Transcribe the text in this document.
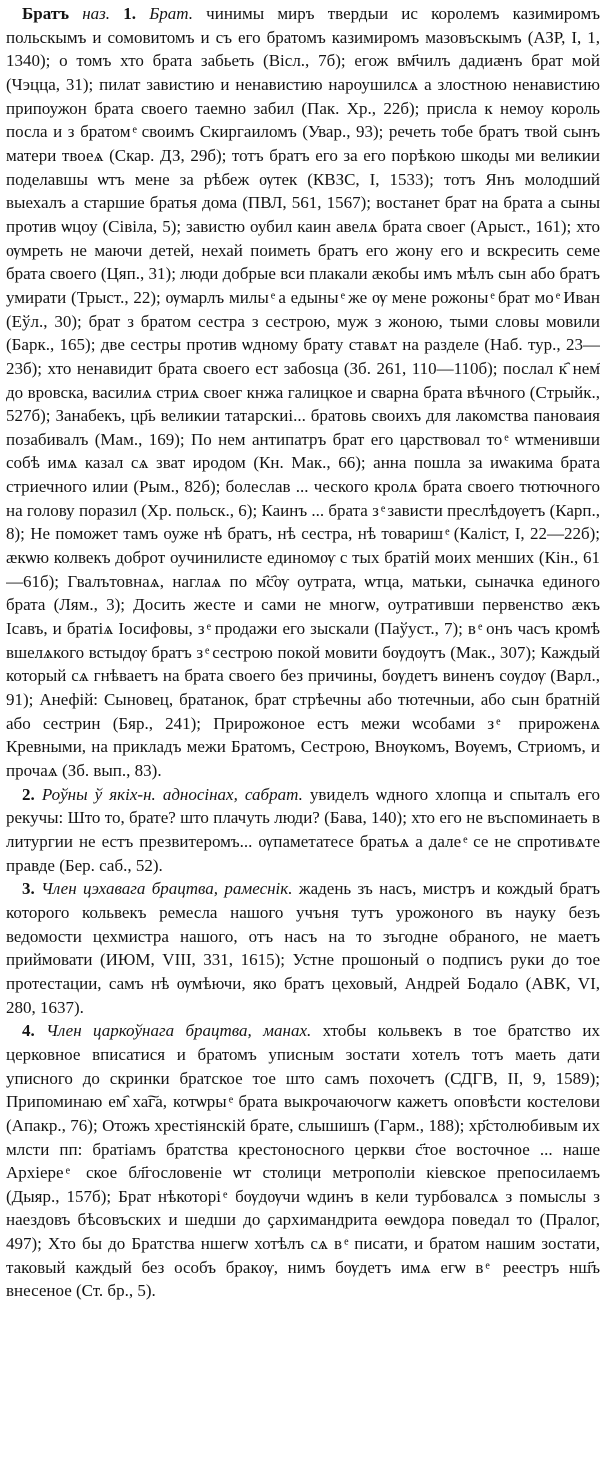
Братъ наз. 1. Брат. чинимы миръ твердыи ис королемъ казимиромъ польскымъ и сомовитомъ и съ его братомъ казимиромъ мазовъскымъ (АЗР, I, 1, 1340); о томъ хто брата забьеть (Вісл., 7б); егож вм҃чилъ дадиӕнъ брат мой (Чэцца, 31); пилат завистию и ненавистию нароушилсѧ а злостною ненавистию припоужон брата своего таемно забил (Пак. Хр., 22б); присла к немоу король посла и з братом ͤ своимъ Скиргаиломъ (Увар., 93); речеть тобе братъ твой сынъ матери твоеѧ (Скар. ДЗ, 29б); тотъ братъ его за его порѣкою шкоды ми великии поделавшы ѡтъ мене за рѣбеж ѹтек (КВЗС, I, 1533); тотъ Янъ молодший выехалъ а старшие братья дома (ПВЛ, 561, 1567); востанет брат на брата а сыны против ѡцоу (Сівіла, 5); завистю оубил каин авелѧ брата своег (Арыст., 161); хто ѹмреть не маючи детей, нехай поиметь братъ его жону его и вскресить семе брата своего (Цяп., 31); люди добрые вси плакали ӕкобы имъ мѣлъ сын або братъ умирати (Трыст., 22); ѹмарлъ милы ͤ а едыны ͤ же ѹ мене рожоны ͤ брат мо ͤ Иван (Еўл., 30); брат з братом сестра з сестрою, муж з жоною, тыми словы мовили (Барк., 165); две сестры против ѡдному брату ставѧт на разделе (Наб. тур., 23—23б); хто ненавидит брата своего ест забоѕца (Зб. 261, 110—110б); послал к҄ нем҄ до вровска, василиѧ стриѧ своег кнжа галицкое и сварна брата вѣчного (Стрыйк., 527б); Занабекъ, цр҃ь великии татарскиі... братовь своихъ для лакомства пановаия позабивалъ (Мам., 169); По нем антипатръ брат его царствовал то ͤ ѡтменивши собѣ имѧ казал сѧ зват иродом (Кн. Мак., 66); анна пошла за иѡакима брата стриечного илии (Рым., 82б); болеслав ... ческого кролѧ брата своего тютючного на голову поразил (Хр. польск., 6); Каинъ ... брата з ͤ зависти преслѣдѹетъ (Карп., 8); Не поможет тамъ оуже нѣ братъ, нѣ сестра, нѣ товариш ͤ (Каліст, I, 22—22б); ӕкѡю колвекъ доброт оучинилисте единомѹ с тых братій моих менших (Кін., 61—61б); Гвалътовнаѧ, наглаѧ по м҄с҄ѹ оутрата, ѡтца, матьки, сыначка единого брата (Лям., 3); Досить жесте и сами не многѡ, оутративши первенство ӕкъ Ісавъ, и братіѧ Іосифовы, з ͤ продажи его зыскали (Паўуст., 7); в ͤ онъ часъ кромѣ вшелѧкого встыдѹ братъ з ͤ сестрою покой мовити бѹдѹтъ (Мак., 307); Каждый который сѧ гнѣваетъ на брата своего без причины, бѹдетъ виненъ сѹдѹ (Варл., 91); Анефій: Сыновец, братанок, брат стрѣечны або тютечныи, або сын братній або сестрин (Бяр., 241); Прирожоное естъ межи ѡсобами з ͤ прироженѧ Кревными, на прикладъ межи Братомъ, Сестрою, Внѹкомъ, Вѹемъ, Стриомъ, и прочаѧ (Зб. вып., 83).

2. Роўны ў якіх-н. адносінах, сабрат. увиделъ ѡдного хлопца и спыталъ его рекучы: Што то, брате? што плачуть люди? (Бава, 140); хто его не въспоминаеть в литургии не естъ презвитеромъ... ѹпаметатесе братьѧ а дале ͤ се не спротивѧте правде (Бер. саб., 52).

3. Член цэхавага брацтва, рамеснік. жадень зъ насъ, мистръ и кождый братъ которого кольвекъ ремесла нашого учъня тутъ урожоного въ науку безъ ведомости цехмистра нашого, отъ насъ на то зъгодне обраного, не маетъ приймовати (ИЮМ, VIII, 331, 1615); Устне прошоный о подписъ руки до тое протестации, самъ нѣ ѹмѣючи, яко братъ цеховый, Андрей Бодало (АВК, VI, 280, 1637).

4. Член царкоўнага брацтва, манах. хтобы кольвекъ в тое братство их церковное вписатися и братомъ уписным зостати хотелъ тотъ маеть дати уписного до скринки братское тое што самъ похочетъ (СДГВ, II, 9, 1589); Припоминаю ем҄ ха͠га, котѡры ͤ брата выкрочаючогѡ кажетъ оповѣсти костелови (Апакр., 76); Отожъ хрестіянскій брате, слышишъ (Гарм., 188); хр҃столюбивым их млсти пп: братіамъ братства крестоносного церкви с҃тое восточное ... наше Архіере ͤ ское бл҃гословеніе ѡт столици метрополіи кіевское препосилаемъ (Дыяр., 157б); Брат нѣкоторі ͤ бѹдѹчи ѡдинъ в кели турбовалсѧ з помыслы з наездовъ бѣсовъских и шедши до ҫархимандрита ѳеѡдора поведал то (Пралог, 497); Хто бы до Братства ншегѡ хотѣлъ сѧ в ͤ писати, и братом нашим зостати, таковый каждый без особъ бракѹ, нимъ бѹдетъ имѧ егѡ в ͤ реестръ нш҃ъ внесеное (Ст. бр., 5).
